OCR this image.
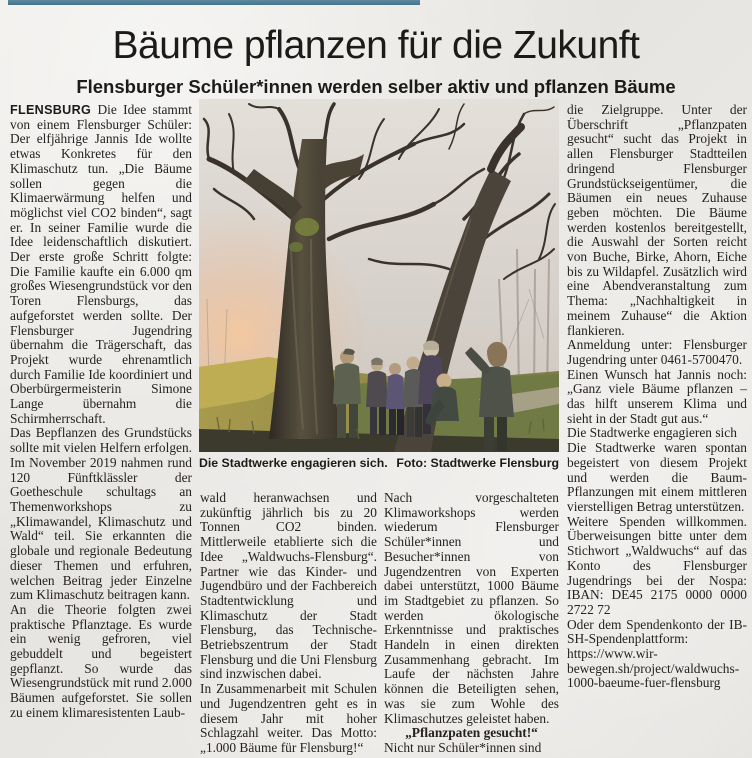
Bäume pflanzen für die Zukunft
Flensburger Schüler*innen werden selber aktiv und pflanzen Bäume

FLENSBURG Die Idee stammt von einem Flensburger Schüler: Der elfjährige Jannis Ide wollte etwas Konkretes für den Klimaschutz tun. „Die Bäume sollen gegen die Klimaerwärmung helfen und möglichst viel CO2 binden“, sagt er. In seiner Familie wurde die Idee leidenschaftlich diskutiert. Der erste große Schritt folgte: Die Familie kaufte ein 6.000 qm großes Wiesengrundstück vor den Toren Flensburgs, das aufgeforstet werden sollte. Der Flensburger Jugendring übernahm die Trägerschaft, das Projekt wurde ehrenamtlich durch Familie Ide koordiniert und Oberbürgermeisterin Simone Lange übernahm die Schirmherrschaft.

Das Bepflanzen des Grundstücks sollte mit vielen Helfern erfolgen. Im November 2019 nahmen rund 120 Fünftklässler der Goetheschule schultags an Themenworkshops zu „Klimawandel, Klimaschutz und Wald“ teil. Sie erkannten die globale und regionale Bedeutung dieser Themen und erfuhren, welchen Beitrag jeder Einzelne zum Klimaschutz beitragen kann.

An die Theorie folgten zwei praktische Pflanztage. Es wurde ein wenig gefroren, viel gebuddelt und begeistert gepflanzt. So wurde das Wiesengrundstück mit rund 2.000 Bäumen aufgeforstet. Sie sollen zu einem klimaresistenten Laub-

Die Stadtwerke engagieren sich. Foto: Stadtwerke Flensburg

wald heranwachsen und zukünftig jährlich bis zu 20 Tonnen CO2 binden. Mittlerweile etablierte sich die Idee „Waldwuchs-Flensburg“. Partner wie das Kinder- und Jugendbüro und der Fachbereich Stadtentwicklung und Klimaschutz der Stadt Flensburg, das Technische-Betriebszentrum der Stadt Flensburg und die Uni Flensburg sind inzwischen dabei.

In Zusammenarbeit mit Schulen und Jugendzentren geht es in diesem Jahr mit hoher Schlagzahl weiter. Das Motto: „1.000 Bäume für Flensburg!“

Nach vorgeschalteten Klimaworkshops werden wiederum Flensburger Schüler*innen und Besucher*innen von Jugendzentren von Experten dabei unterstützt, 1000 Bäume im Stadtgebiet zu pflanzen. So werden ökologische Erkenntnisse und praktisches Handeln in einen direkten Zusammenhang gebracht. Im Laufe der nächsten Jahre können die Beteiligten sehen, was sie zum Wohle des Klimaschutzes geleistet haben.

„Pflanzpaten gesucht!“

Nicht nur Schüler*innen sind

die Zielgruppe. Unter der Überschrift „Pflanzpaten gesucht“ sucht das Projekt in allen Flensburger Stadtteilen dringend Flensburger Grundstückseigentümer, die Bäumen ein neues Zuhause geben möchten. Die Bäume werden kostenlos bereitgestellt, die Auswahl der Sorten reicht von Buche, Birke, Ahorn, Eiche bis zu Wildapfel. Zusätzlich wird eine Abendveranstaltung zum Thema: „Nachhaltigkeit in meinem Zuhause“ die Aktion flankieren.

Anmeldung unter: Flensburger Jugendring unter 0461-5700470.

Einen Wunsch hat Jannis noch: „Ganz viele Bäume pflanzen – das hilft unserem Klima und sieht in der Stadt gut aus.“

Die Stadtwerke engagieren sich

Die Stadtwerke waren spontan begeistert von diesem Projekt und werden die Baum-Pflanzungen mit einem mittleren vierstelligen Betrag unterstützen.

Weitere Spenden willkommen. Überweisungen bitte unter dem Stichwort „Waldwuchs“ auf das Konto des Flensburger Jugendrings bei der Nospa: IBAN: DE45 2175 0000 0000 2722 72

Oder dem Spendenkonto der IB-SH-Spendenplattform: https://www.wir-bewegen.sh/project/waldwuchs-1000-baeume-fuer-flensburg
